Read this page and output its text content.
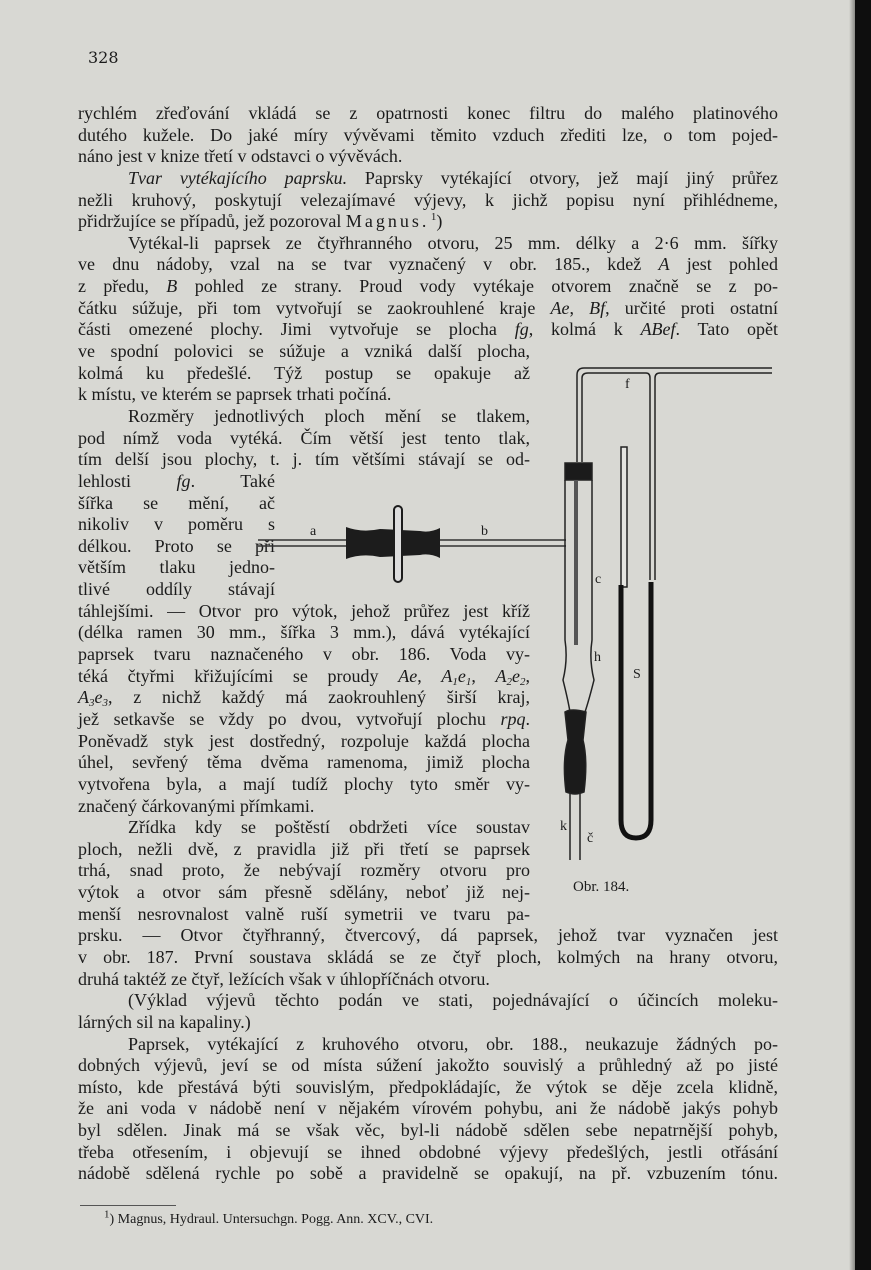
328
rychlém zřeďování vkládá se z opatrnosti konec filtru do malého platinového
dutého kužele. Do jaké míry vývěvami těmito vzduch zřediti lze, o tom pojed-
náno jest v knize třetí v odstavci o vývěvách.
Tvar vytékajícího paprsku. Paprsky vytékající otvory, jež mají jiný průřez
nežli kruhový, poskytují velezajímavé výjevy, k jichž popisu nyní přihlédneme,
přidržujíce se případů, jež pozoroval Magnus. $^1$)
Vytékal-li paprsek ze čtyřhranného otvoru, 25 mm. délky a 2·6 mm. šířky
ve dnu nádoby, vzal na se tvar vyznačený v obr. 185., kdež A jest pohled
z předu, B pohled ze strany. Proud vody vytékaje otvorem značně se z po-
čátku súžuje, při tom vytvořují se zaokrouhlené kraje Ae, Bf, určité proti ostatní
části omezené plochy. Jimi vytvořuje se plocha fg, kolmá k ABef. Tato opět
ve spodní polovici se súžuje a vzniká další plocha,
kolmá ku předešlé. Týž postup se opakuje až
k místu, ve kterém se paprsek trhati počíná.
Rozměry jednotlivých ploch mění se tlakem,
pod nímž voda vytéká. Čím větší jest tento tlak,
tím delší jsou plochy, t. j. tím většími stávají se od-
lehlosti fg. Také
šířka se mění, ač
nikoliv v poměru s
délkou. Proto se při
větším tlaku jedno-
tlivé oddíly stávají
táhlejšími. — Otvor pro výtok, jehož průřez jest kříž
(délka ramen 30 mm., šířka 3 mm.), dává vytékající
paprsek tvaru naznačeného v obr. 186. Voda vy-
téká čtyřmi křižujícími se proudy Ae, $A_1e_1$, $A_2e_2$,
$A_3e_3$, z nichž každý má zaokrouhlený širší kraj,
jež setkavše se vždy po dvou, vytvořují plochu rpq.
Poněvadž styk jest dostředný, rozpoluje každá plocha
úhel, sevřený těma dvěma ramenoma, jimiž plocha
vytvořena byla, a mají tudíž plochy tyto směr vy-
značený čárkovanými přímkami.
Zřídka kdy se poštěstí obdržeti více soustav
ploch, nežli dvě, z pravidla již při třetí se paprsek
trhá, snad proto, že nebývají rozměry otvoru pro
výtok a otvor sám přesně sdělány, neboť již nej-
menší nesrovnalost valně ruší symetrii ve tvaru pa-
prsku. — Otvor čtyřhranný, čtvercový, dá paprsek, jehož tvar vyznačen jest
v obr. 187. První soustava skládá se ze čtyř ploch, kolmých na hrany otvoru,
druhá taktéž ze čtyř, ležících však v úhlopříčnách otvoru.
(Výklad výjevů těchto podán ve stati, pojednávající o účincích moleku-
lárných sil na kapaliny.)
Paprsek, vytékající z kruhového otvoru, obr. 188., neukazuje žádných po-
dobných výjevů, jeví se od místa súžení jakožto souvislý a průhledný až po jisté
místo, kde přestává býti souvislým, předpokládajíc, že výtok se děje zcela klidně,
že ani voda v nádobě není v nějakém vírovém pohybu, ani že nádobě jakýs pohyb
byl sdělen. Jinak má se však věc, byl-li nádobě sdělen sebe nepatrnější pohyb,
třeba otřesením, i objevují se ihned obdobné výjevy předešlých, jestli otřásání
nádobě sdělená rychle po sobě a pravidelně se opakují, na př. vzbuzením tónu.
a	b
f
c
h
S
k
č
Obr. 184.
$^1$) Magnus, Hydraul. Untersuchgn. Pogg. Ann. XCV., CVI.
